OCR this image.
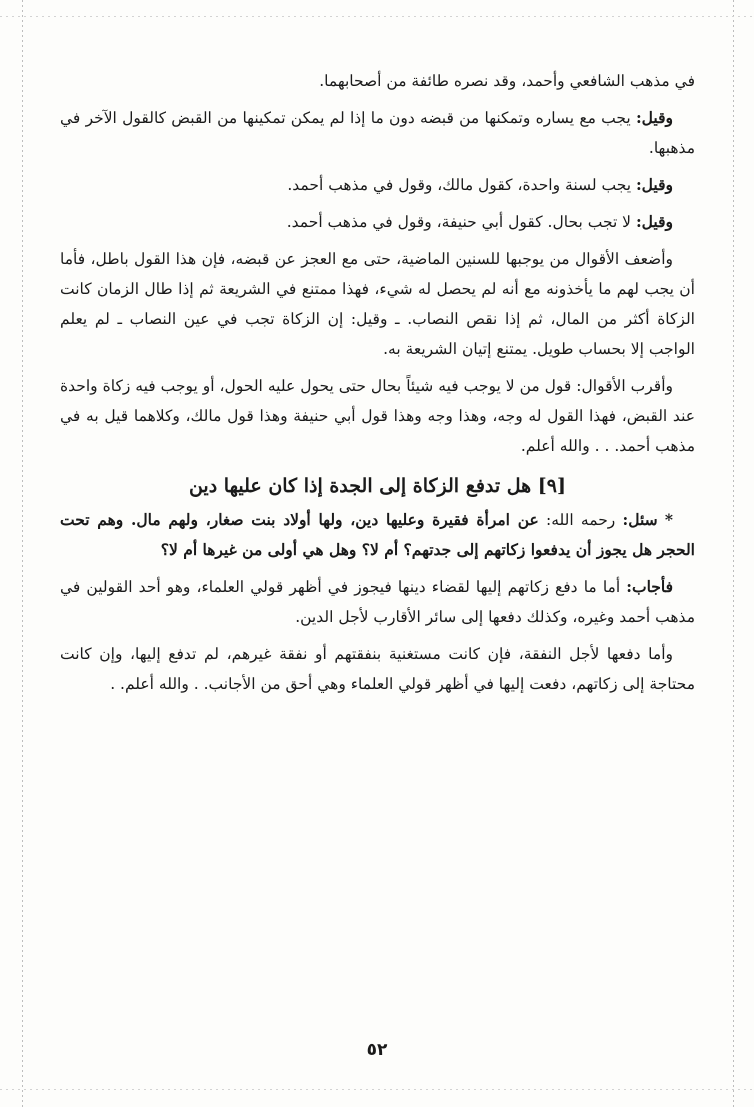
في مذهب الشافعي وأحمد، وقد نصره طائفة من أصحابهما.

وقيل: يجب مع يساره وتمكنها من قبضه دون ما إذا لم يمكن تمكينها من القبض كالقول الآخر في مذهبها.

وقيل: يجب لسنة واحدة، كقول مالك، وقول في مذهب أحمد.

وقيل: لا تجب بحال. كقول أبي حنيفة، وقول في مذهب أحمد.

وأضعف الأقوال من يوجبها للسنين الماضية، حتى مع العجز عن قبضه، فإن هذا القول باطل، فأما أن يجب لهم ما يأخذونه مع أنه لم يحصل له شيء، فهذا ممتنع في الشريعة ثم إذا طال الزمان كانت الزكاة أكثر من المال، ثم إذا نقص النصاب. ـ وقيل: إن الزكاة تجب في عين النصاب ـ لم يعلم الواجب إلا بحساب طويل. يمتنع إتيان الشريعة به.

وأقرب الأقوال: قول من لا يوجب فيه شيئاً بحال حتى يحول عليه الحول، أو يوجب فيه زكاة واحدة عند القبض، فهذا القول له وجه، وهذا وجه وهذا قول أبي حنيفة وهذا قول مالك، وكلاهما قيل به في مذهب أحمد. . . والله أعلم.

[٩] هل تدفع الزكاة إلى الجدة إذا كان عليها دين

* سئل: رحمه الله: عن امرأة فقيرة وعليها دين، ولها أولاد بنت صغار، ولهم مال. وهم تحت الحجر هل يجوز أن يدفعوا زكاتهم إلى جدتهم؟ أم لا؟ وهل هي أولى من غيرها أم لا؟

فأجاب: أما ما دفع زكاتهم إليها لقضاء دينها فيجوز في أظهر قولي العلماء، وهو أحد القولين في مذهب أحمد وغيره، وكذلك دفعها إلى سائر الأقارب لأجل الدين.

وأما دفعها لأجل النفقة، فإن كانت مستغنية بنفقتهم أو نفقة غيرهم، لم تدفع إليها، وإن كانت محتاجة إلى زكاتهم، دفعت إليها في أظهر قولي العلماء وهي أحق من الأجانب. . والله أعلم. .

٥٢
